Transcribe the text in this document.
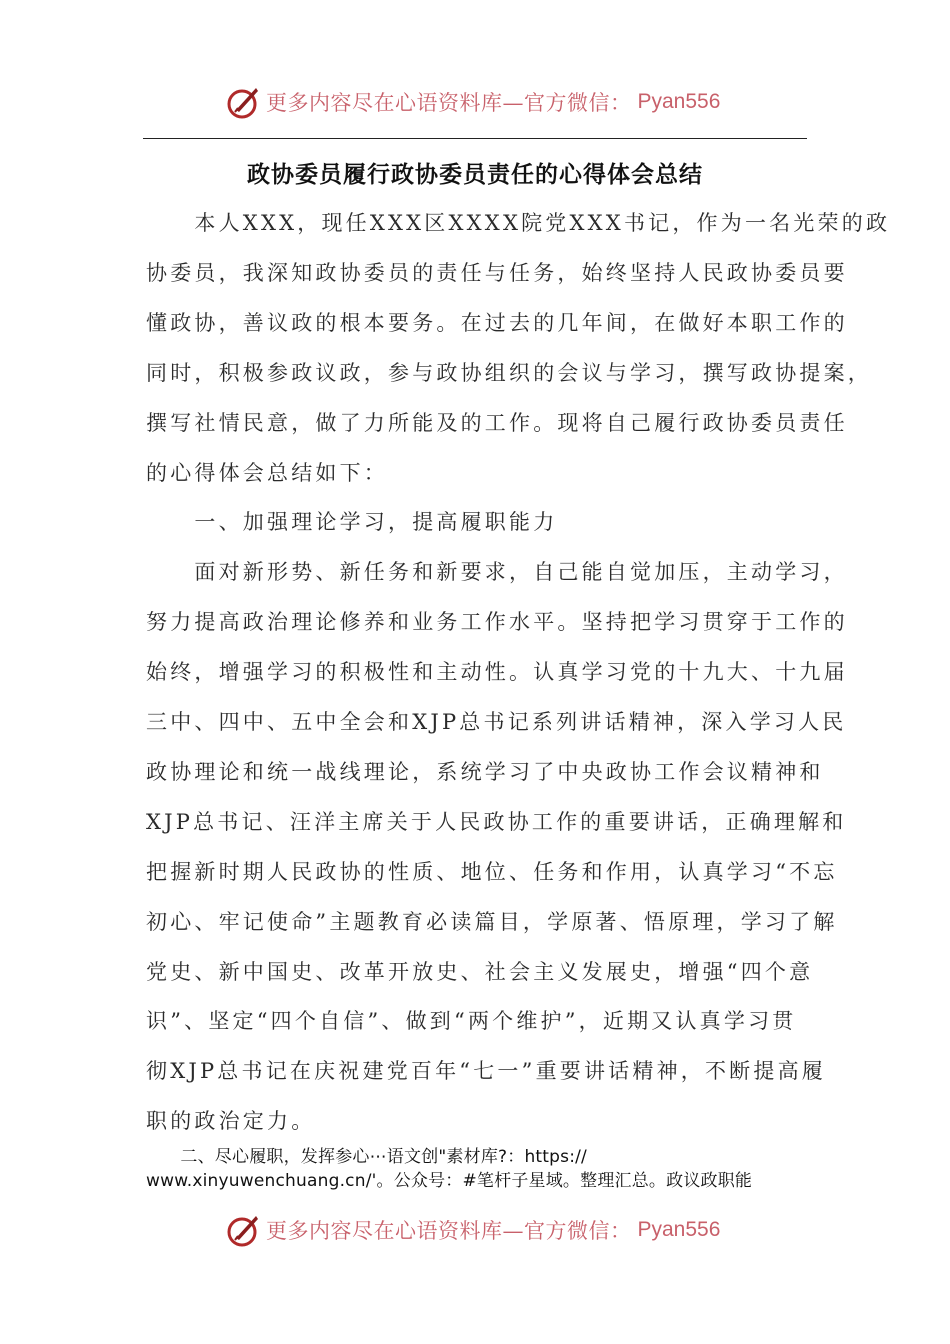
更多内容尽在心语资料库—官方微信： Pyan556
政协委员履行政协委员责任的心得体会总结
　　本人XXX，现任XXX区XXXX院党XXX书记，作为一名光荣的政
协委员，我深知政协委员的责任与任务，始终坚持人民政协委员要
懂政协，善议政的根本要务。在过去的几年间，在做好本职工作的
同时，积极参政议政，参与政协组织的会议与学习，撰写政协提案，
撰写社情民意，做了力所能及的工作。现将自己履行政协委员责任
的心得体会总结如下：
　　一、加强理论学习，提高履职能力
　　面对新形势、新任务和新要求，自己能自觉加压，主动学习，
努力提高政治理论修养和业务工作水平。坚持把学习贯穿于工作的
始终，增强学习的积极性和主动性。认真学习党的十九大、十九届
三中、四中、五中全会和XJP总书记系列讲话精神，深入学习人民
政协理论和统一战线理论，系统学习了中央政协工作会议精神和
XJP总书记、汪洋主席关于人民政协工作的重要讲话，正确理解和
把握新时期人民政协的性质、地位、任务和作用，认真学习“不忘
初心、牢记使命”主题教育必读篇目，学原著、悟原理，学习了解
党史、新中国史、改革开放史、社会主义发展史，增强“四个意
识”、坚定“四个自信”、做到“两个维护”，近期又认真学习贯
彻XJP总书记在庆祝建党百年“七一”重要讲话精神，不断提高履
职的政治定力。
　　二、尽心履职，发挥参心⋯语文创"素材库?：https://
www.xinyuwenchuang.cn/'。公众号：#笔杆子星域。整理汇总。政议政职能
更多内容尽在心语资料库—官方微信： Pyan556
